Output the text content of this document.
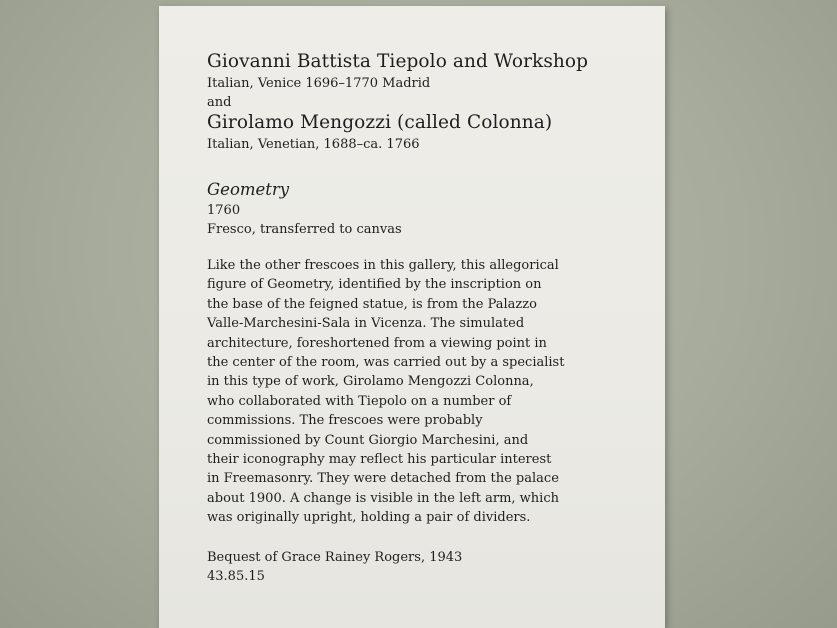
Giovanni Battista Tiepolo and Workshop

Italian, Venice 1696–1770 Madrid

and

Girolamo Mengozzi (called Colonna)

Italian, Venetian, 1688–ca. 1766

Geometry

1760

Fresco, transferred to canvas

Like the other frescoes in this gallery, this allegorical
figure of Geometry, identified by the inscription on
the base of the feigned statue, is from the Palazzo
Valle-Marchesini-Sala in Vicenza. The simulated
architecture, foreshortened from a viewing point in
the center of the room, was carried out by a specialist
in this type of work, Girolamo Mengozzi Colonna,
who collaborated with Tiepolo on a number of
commissions. The frescoes were probably
commissioned by Count Giorgio Marchesini, and
their iconography may reflect his particular interest
in Freemasonry. They were detached from the palace
about 1900. A change is visible in the left arm, which
was originally upright, holding a pair of dividers.

Bequest of Grace Rainey Rogers, 1943

43.85.15
